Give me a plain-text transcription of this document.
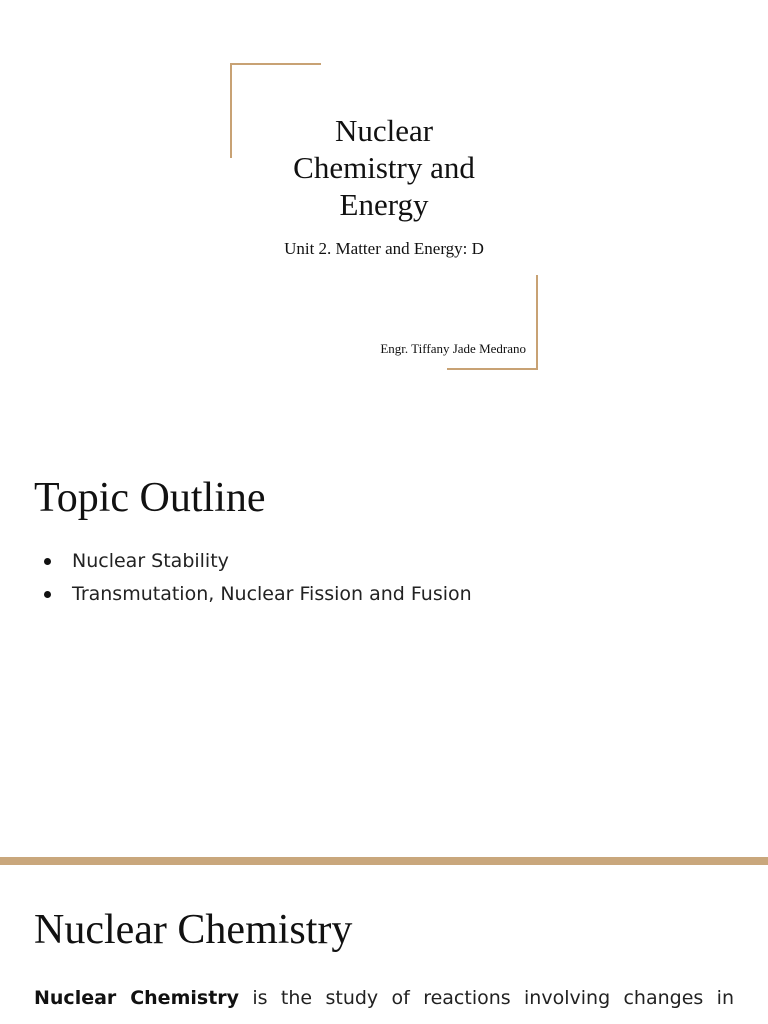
Nuclear
Chemistry and
Energy

Unit 2. Matter and Energy: D

Engr. Tiffany Jade Medrano

Topic Outline
Nuclear Stability
Transmutation, Nuclear Fission and Fusion
Nuclear Chemistry

Nuclear Chemistry is the study of reactions involving changes in
